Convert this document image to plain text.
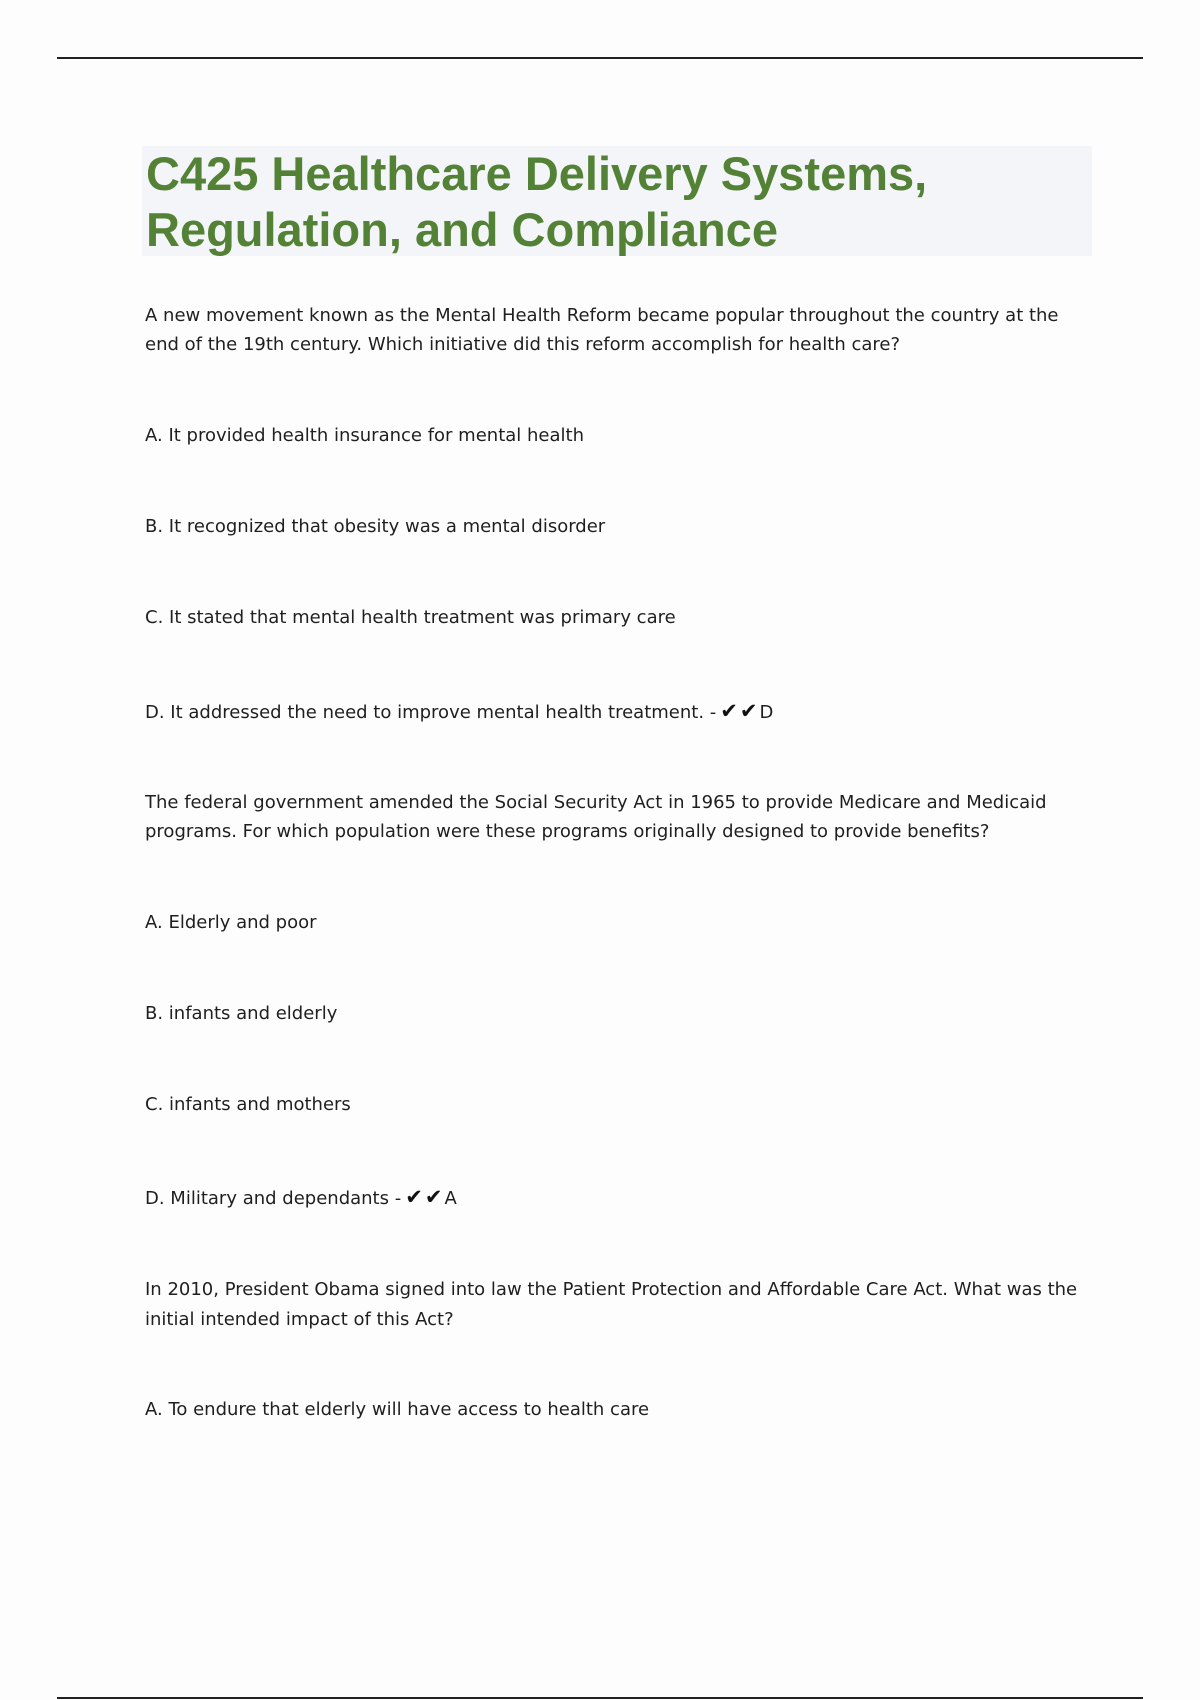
C425 Healthcare Delivery Systems,
Regulation, and Compliance
A new movement known as the Mental Health Reform became popular throughout the country at the
end of the 19th century. Which initiative did this reform accomplish for health care?
A. It provided health insurance for mental health
B. It recognized that obesity was a mental disorder
C. It stated that mental health treatment was primary care
D. It addressed the need to improve mental health treatment. - ✔✔ D
The federal government amended the Social Security Act in 1965 to provide Medicare and Medicaid
programs. For which population were these programs originally designed to provide benefits?
A. Elderly and poor
B. infants and elderly
C. infants and mothers
D. Military and dependants - ✔✔ A
In 2010, President Obama signed into law the Patient Protection and Affordable Care Act. What was the
initial intended impact of this Act?
A. To endure that elderly will have access to health care
